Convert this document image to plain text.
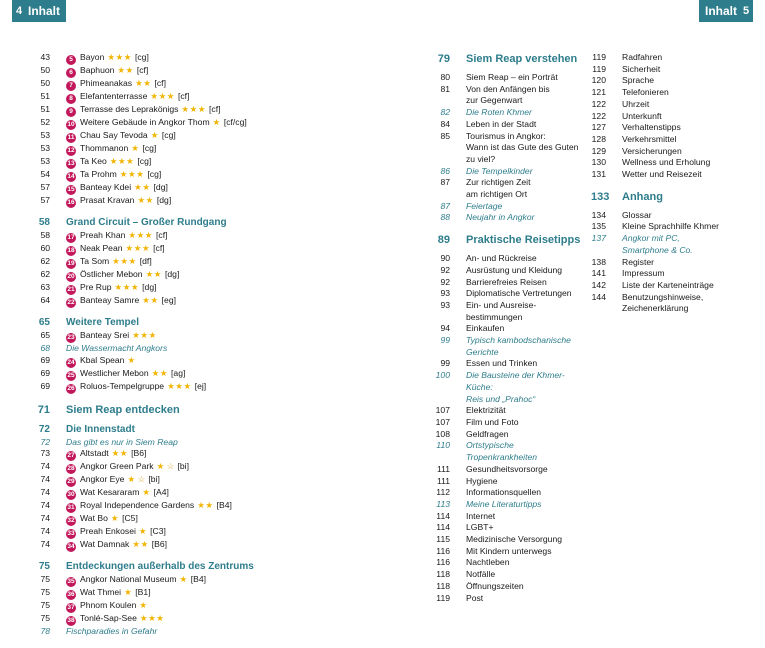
4 Inhalt	Inhalt 5
43	5 Bayon ★★★ [cg]
50	6 Baphuon ★★ [cf]
50	7 Phimeanakas ★★ [cf]
51	8 Elefantenterrasse ★★★ [cf]
51	9 Terrasse des Leprakönigs ★★★ [cf]
52	10 Weitere Gebäude in Angkor Thom ★ [cf/cg]
53	11 Chau Say Tevoda ★ [cg]
53	12 Thommanon ★ [cg]
53	13 Ta Keo ★★★ [cg]
54	14 Ta Prohm ★★★ [cg]
57	15 Banteay Kdei ★★ [dg]
57	16 Prasat Kravan ★★ [dg]
58	Grand Circuit – Großer Rundgang
58	17 Preah Khan ★★★ [cf]
60	18 Neak Pean ★★★ [cf]
62	19 Ta Som ★★★ [df]
62	20 Östlicher Mebon ★★ [dg]
63	21 Pre Rup ★★★ [dg]
64	22 Banteay Samre ★★ [eg]
65	Weitere Tempel
65	23 Banteay Srei ★★★
68	Die Wassermacht Angkors
69	24 Kbal Spean ★
69	25 Westlicher Mebon ★★ [ag]
69	26 Roluos-Tempelgruppe ★★★ [ej]
71	Siem Reap entdecken
72	Die Innenstadt
72	Das gibt es nur in Siem Reap
73	27 Altstadt ★★ [B6]
74	28 Angkor Green Park ★ ☆ [bi]
74	29 Angkor Eye ★ ☆ [bi]
74	30 Wat Kesararam ★ [A4]
74	31 Royal Independence Gardens ★★ [B4]
74	32 Wat Bo ★ [C5]
74	33 Preah Enkosei ★ [C3]
74	34 Wat Damnak ★★ [B6]
75	Entdeckungen außerhalb des Zentrums
75	35 Angkor National Museum ★ [B4]
75	36 Wat Thmei ★ [B1]
75	37 Phnom Koulen ★
75	38 Tonlé-Sap-See ★★★
78	Fischparadies in Gefahr
79	Siem Reap verstehen
80	Siem Reap – ein Porträt
81	Von den Anfängen bis
zur Gegenwart
82	Die Roten Khmer
84	Leben in der Stadt
85	Tourismus in Angkor:
Wann ist das Gute des Guten
zu viel?
86	Die Tempelkinder
87	Zur richtigen Zeit
am richtigen Ort
87	Feiertage
88	Neujahr in Angkor
89	Praktische Reisetipps
90	An- und Rückreise
92	Ausrüstung und Kleidung
92	Barrierefreies Reisen
93	Diplomatische Vertretungen
93	Ein- und Ausreise-
bestimmungen
94	Einkaufen
99	Typisch kambodschanische
Gerichte
99	Essen und Trinken
100	Die Bausteine der Khmer-Küche:
Reis und „Prahoc“
107	Elektrizität
107	Film und Foto
108	Geldfragen
110	Ortstypische
Tropenkrankheiten
111	Gesundheitsvorsorge
111	Hygiene
112	Informationsquellen
113	Meine Literaturtipps
114	Internet
114	LGBT+
115	Medizinische Versorgung
116	Mit Kindern unterwegs
116	Nachtleben
118	Notfälle
118	Öffnungszeiten
119	Post
119	Radfahren
119	Sicherheit
120	Sprache
121	Telefonieren
122	Uhrzeit
122	Unterkunft
127	Verhaltenstipps
128	Verkehrsmittel
129	Versicherungen
130	Wellness und Erholung
131	Wetter und Reisezeit
133	Anhang
134	Glossar
135	Kleine Sprachhilfe Khmer
137	Angkor mit PC,
Smartphone & Co.
138	Register
141	Impressum
142	Liste der Karteneinträge
144	Benutzungshinweise,
Zeichenerklärung
